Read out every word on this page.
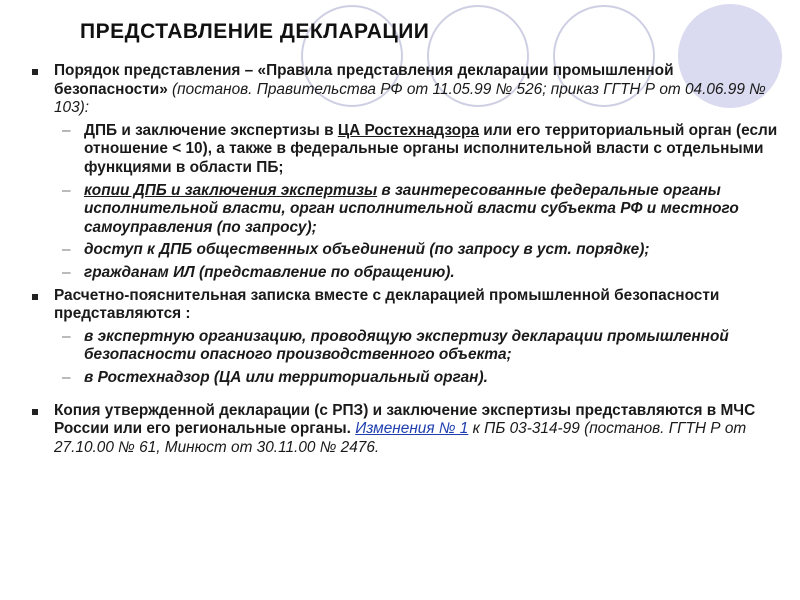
ПРЕДСТАВЛЕНИЕ ДЕКЛАРАЦИИ
Порядок представления – «Правила представления декларации промышленной безопасности» (постанов. Правительства РФ от 11.05.99 № 526; приказ ГГТН Р от 04.06.99 № 103):
– ДПБ и заключение экспертизы в ЦА Ростехнадзора или его территориальный орган (если отношение < 10), а также в федеральные органы исполнительной власти с отдельными функциями в области ПБ;
– копии ДПБ и заключения экспертизы в заинтересованные федеральные органы исполнительной власти, орган исполнительной власти субъекта РФ и местного самоуправления (по запросу);
– доступ к ДПБ общественных объединений (по запросу в уст. порядке);
– гражданам ИЛ (представление по обращению).
Расчетно-пояснительная записка вместе с декларацией промышленной безопасности представляются :
– в экспертную организацию, проводящую экспертизу декларации промышленной безопасности опасного производственного объекта;
– в Ростехнадзор (ЦА или территориальный орган).
Копия утвержденной декларации (с РПЗ) и заключение экспертизы представляются в МЧС России или его региональные органы. Изменения № 1 к ПБ 03-314-99 (постанов. ГГТН Р от 27.10.00 № 61, Минюст от 30.11.00 № 2476.
